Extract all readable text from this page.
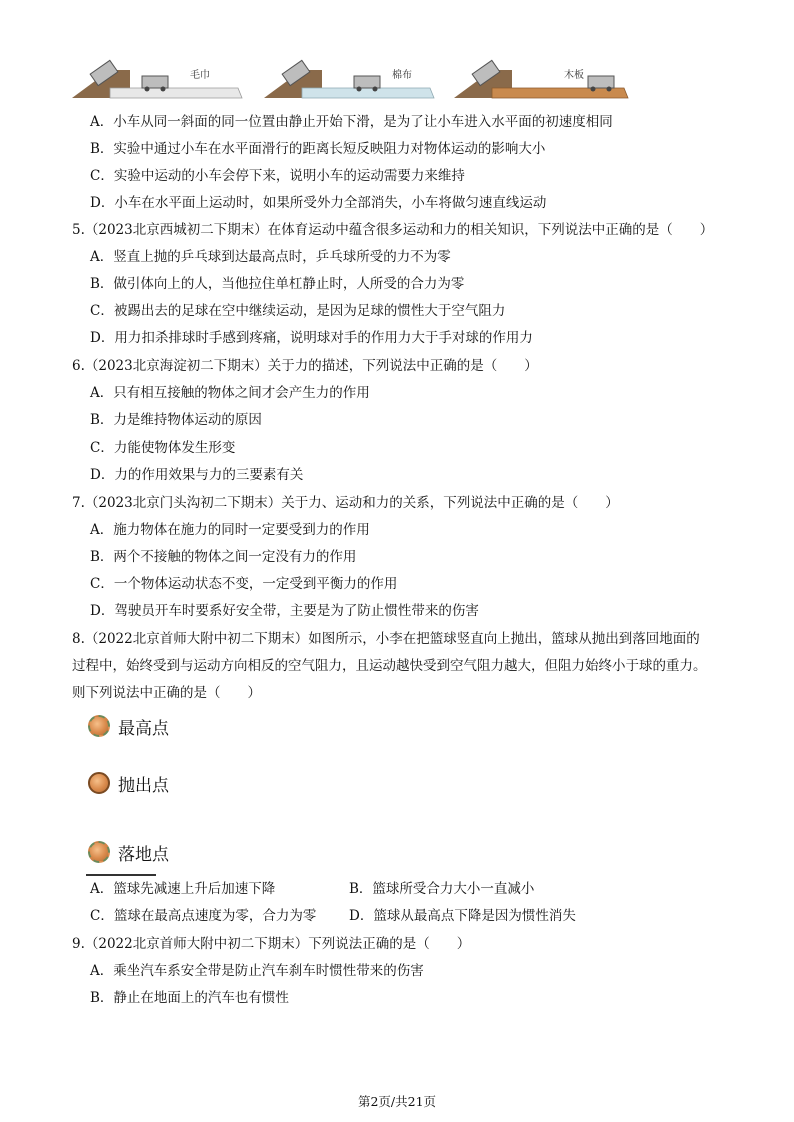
毛巾	棉布	木板
A．小车从同一斜面的同一位置由静止开始下滑，是为了让小车进入水平面的初速度相同
B．实验中通过小车在水平面滑行的距离长短反映阻力对物体运动的影响大小
C．实验中运动的小车会停下来，说明小车的运动需要力来维持
D．小车在水平面上运动时，如果所受外力全部消失，小车将做匀速直线运动
5.（2023北京西城初二下期末）在体育运动中蕴含很多运动和力的相关知识，下列说法中正确的是（　　）
A．竖直上抛的乒乓球到达最高点时，乒乓球所受的力不为零
B．做引体向上的人，当他拉住单杠静止时，人所受的合力为零
C．被踢出去的足球在空中继续运动，是因为足球的惯性大于空气阻力
D．用力扣杀排球时手感到疼痛，说明球对手的作用力大于手对球的作用力
6.（2023北京海淀初二下期末）关于力的描述，下列说法中正确的是（　　）
A．只有相互接触的物体之间才会产生力的作用
B．力是维持物体运动的原因
C．力能使物体发生形变
D．力的作用效果与力的三要素有关
7.（2023北京门头沟初二下期末）关于力、运动和力的关系，下列说法中正确的是（　　）
A．施力物体在施力的同时一定要受到力的作用
B．两个不接触的物体之间一定没有力的作用
C．一个物体运动状态不变，一定受到平衡力的作用
D．驾驶员开车时要系好安全带，主要是为了防止惯性带来的伤害
8.（2022北京首师大附中初二下期末）如图所示，小李在把篮球竖直向上抛出，篮球从抛出到落回地面的
过程中，始终受到与运动方向相反的空气阻力，且运动越快受到空气阻力越大，但阻力始终小于球的重力。
则下列说法中正确的是（　　）
最高点
抛出点
落地点
A．篮球先减速上升后加速下降	B．篮球所受合力大小一直减小
C．篮球在最高点速度为零，合力为零 D．篮球从最高点下降是因为惯性消失
9.（2022北京首师大附中初二下期末）下列说法正确的是（　　）
A．乘坐汽车系安全带是防止汽车刹车时惯性带来的伤害
B．静止在地面上的汽车也有惯性
第2页/共21页
